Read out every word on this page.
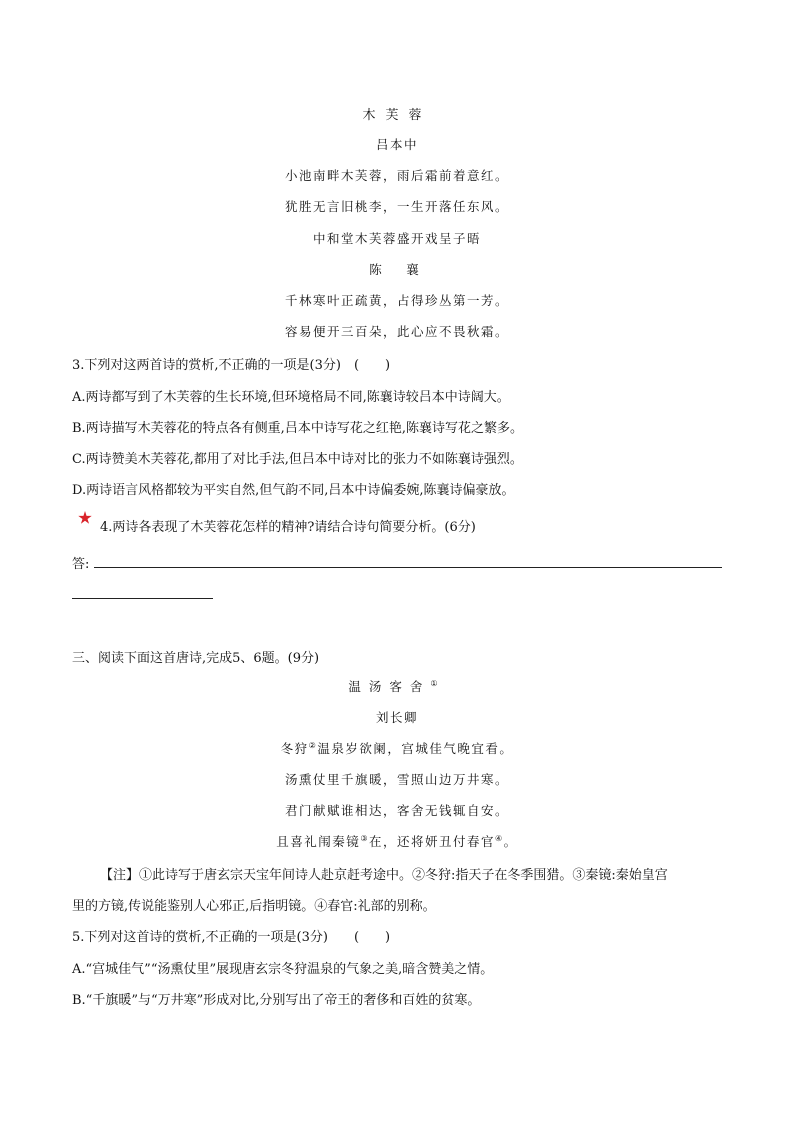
木芙蓉
吕本中
小池南畔木芙蓉，雨后霜前着意红。
犹胜无言旧桃李，一生开落任东风。
中和堂木芙蓉盛开戏呈子晤
陈　襄
千林寒叶正疏黄，占得珍丛第一芳。
容易便开三百朵，此心应不畏秋霜。
3.下列对这两首诗的赏析,不正确的一项是(3分)　(　　)
A.两诗都写到了木芙蓉的生长环境,但环境格局不同,陈襄诗较吕本中诗阔大。
B.两诗描写木芙蓉花的特点各有侧重,吕本中诗写花之红艳,陈襄诗写花之繁多。
C.两诗赞美木芙蓉花,都用了对比手法,但吕本中诗对比的张力不如陈襄诗强烈。
D.两诗语言风格都较为平实自然,但气韵不同,吕本中诗偏委婉,陈襄诗偏豪放。
4.两诗各表现了木芙蓉花怎样的精神?请结合诗句简要分析。(6分)
答:
三、阅读下面这首唐诗,完成5、6题。(9分)
温汤客舍①
刘长卿
冬狩②温泉岁欲阑，宫城佳气晚宜看。
汤熏仗里千旗暖，雪照山边万井寒。
君门献赋谁相达，客舍无钱辄自安。
且喜礼闱秦镜③在，还将妍丑付春官④。
【注】①此诗写于唐玄宗天宝年间诗人赴京赶考途中。②冬狩:指天子在冬季围猎。③秦镜:秦始皇宫
里的方镜,传说能鉴别人心邪正,后指明镜。④春官:礼部的别称。
5.下列对这首诗的赏析,不正确的一项是(3分)　　(　　)
A.“宫城佳气”“汤熏仗里”展现唐玄宗冬狩温泉的气象之美,暗含赞美之情。
B.“千旗暖”与“万井寒”形成对比,分别写出了帝王的奢侈和百姓的贫寒。
